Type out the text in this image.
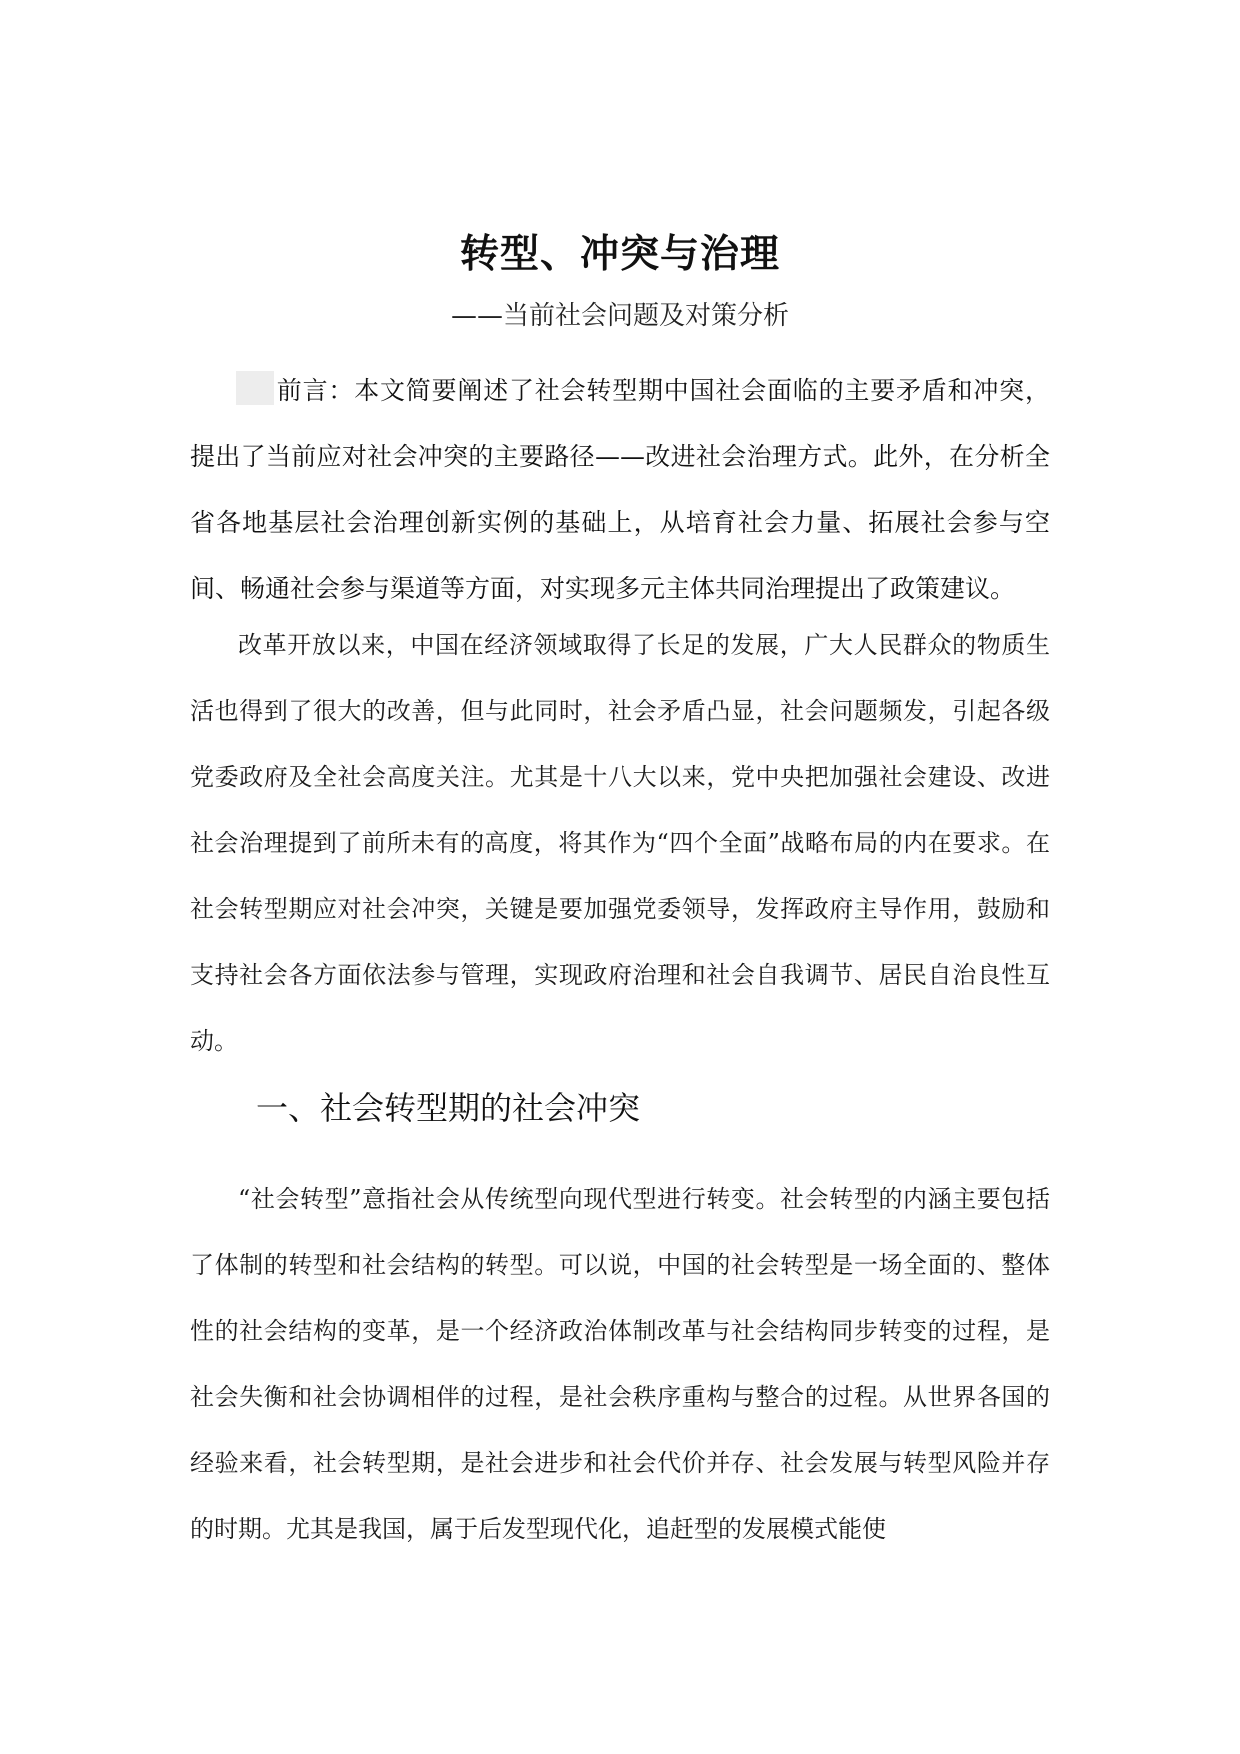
转型、冲突与治理
——当前社会问题及对策分析

前言：本文简要阐述了社会转型期中国社会面临的主要矛盾和冲突，提出了当前应对社会冲突的主要路径——改进社会治理方式。此外，在分析全省各地基层社会治理创新实例的基础上，从培育社会力量、拓展社会参与空间、畅通社会参与渠道等方面，对实现多元主体共同治理提出了政策建议。

改革开放以来，中国在经济领域取得了长足的发展，广大人民群众的物质生活也得到了很大的改善，但与此同时，社会矛盾凸显，社会问题频发，引起各级党委政府及全社会高度关注。尤其是十八大以来，党中央把加强社会建设、改进社会治理提到了前所未有的高度，将其作为“四个全面”战略布局的内在要求。在社会转型期应对社会冲突，关键是要加强党委领导，发挥政府主导作用，鼓励和支持社会各方面依法参与管理，实现政府治理和社会自我调节、居民自治良性互动。

一、社会转型期的社会冲突

“社会转型”意指社会从传统型向现代型进行转变。社会转型的内涵主要包括了体制的转型和社会结构的转型。可以说，中国的社会转型是一场全面的、整体性的社会结构的变革，是一个经济政治体制改革与社会结构同步转变的过程，是社会失衡和社会协调相伴的过程，是社会秩序重构与整合的过程。从世界各国的经验来看，社会转型期，是社会进步和社会代价并存、社会发展与转型风险并存的时期。尤其是我国，属于后发型现代化，追赶型的发展模式能使
